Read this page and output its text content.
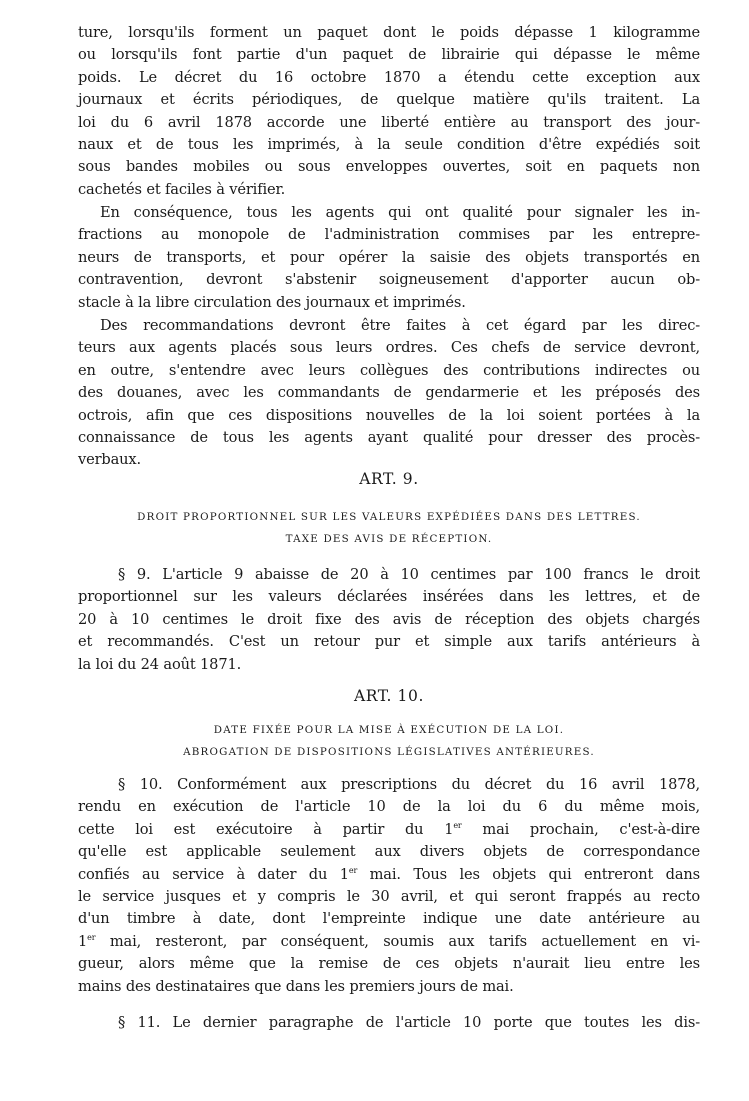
ture, lorsqu'ils forment un paquet dont le poids dépasse 1 kilogramme
ou lorsqu'ils font partie d'un paquet de librairie qui dépasse le même
poids. Le décret du 16 octobre 1870 a étendu cette exception aux
journaux et écrits périodiques, de quelque matière qu'ils traitent. La
loi du 6 avril 1878 accorde une liberté entière au transport des jour-
naux et de tous les imprimés, à la seule condition d'être expédiés soit
sous bandes mobiles ou sous enveloppes ouvertes, soit en paquets non
cachetés et faciles à vérifier.
En conséquence, tous les agents qui ont qualité pour signaler les in-
fractions au monopole de l'administration commises par les entrepre-
neurs de transports, et pour opérer la saisie des objets transportés en
contravention, devront s'abstenir soigneusement d'apporter aucun ob-
stacle à la libre circulation des journaux et imprimés.
Des recommandations devront être faites à cet égard par les direc-
teurs aux agents placés sous leurs ordres. Ces chefs de service devront,
en outre, s'entendre avec leurs collègues des contributions indirectes ou
des douanes, avec les commandants de gendarmerie et les préposés des
octrois, afin que ces dispositions nouvelles de la loi soient portées à la
connaissance de tous les agents ayant qualité pour dresser des procès-
verbaux.

ART. 9.

DROIT PROPORTIONNEL SUR LES VALEURS EXPÉDIÉES DANS DES LETTRES.

TAXE DES AVIS DE RÉCEPTION.

§ 9. L'article 9 abaisse de 20 à 10 centimes par 100 francs le droit
proportionnel sur les valeurs déclarées insérées dans les lettres, et de
20 à 10 centimes le droit fixe des avis de réception des objets chargés
et recommandés. C'est un retour pur et simple aux tarifs antérieurs à
la loi du 24 août 1871.

ART. 10.

DATE FIXÉE POUR LA MISE À EXÉCUTION DE LA LOI.

ABROGATION DE DISPOSITIONS LÉGISLATIVES ANTÉRIEURES.

§ 10. Conformément aux prescriptions du décret du 16 avril 1878,
rendu en exécution de l'article 10 de la loi du 6 du même mois,
cette loi est exécutoire à partir du 1er mai prochain, c'est-à-dire
qu'elle est applicable seulement aux divers objets de correspondance
confiés au service à dater du 1er mai. Tous les objets qui entreront dans
le service jusques et y compris le 30 avril, et qui seront frappés au recto
d'un timbre à date, dont l'empreinte indique une date antérieure au
1er mai, resteront, par conséquent, soumis aux tarifs actuellement en vi-
gueur, alors même que la remise de ces objets n'aurait lieu entre les
mains des destinataires que dans les premiers jours de mai.
§ 11. Le dernier paragraphe de l'article 10 porte que toutes les dis-
